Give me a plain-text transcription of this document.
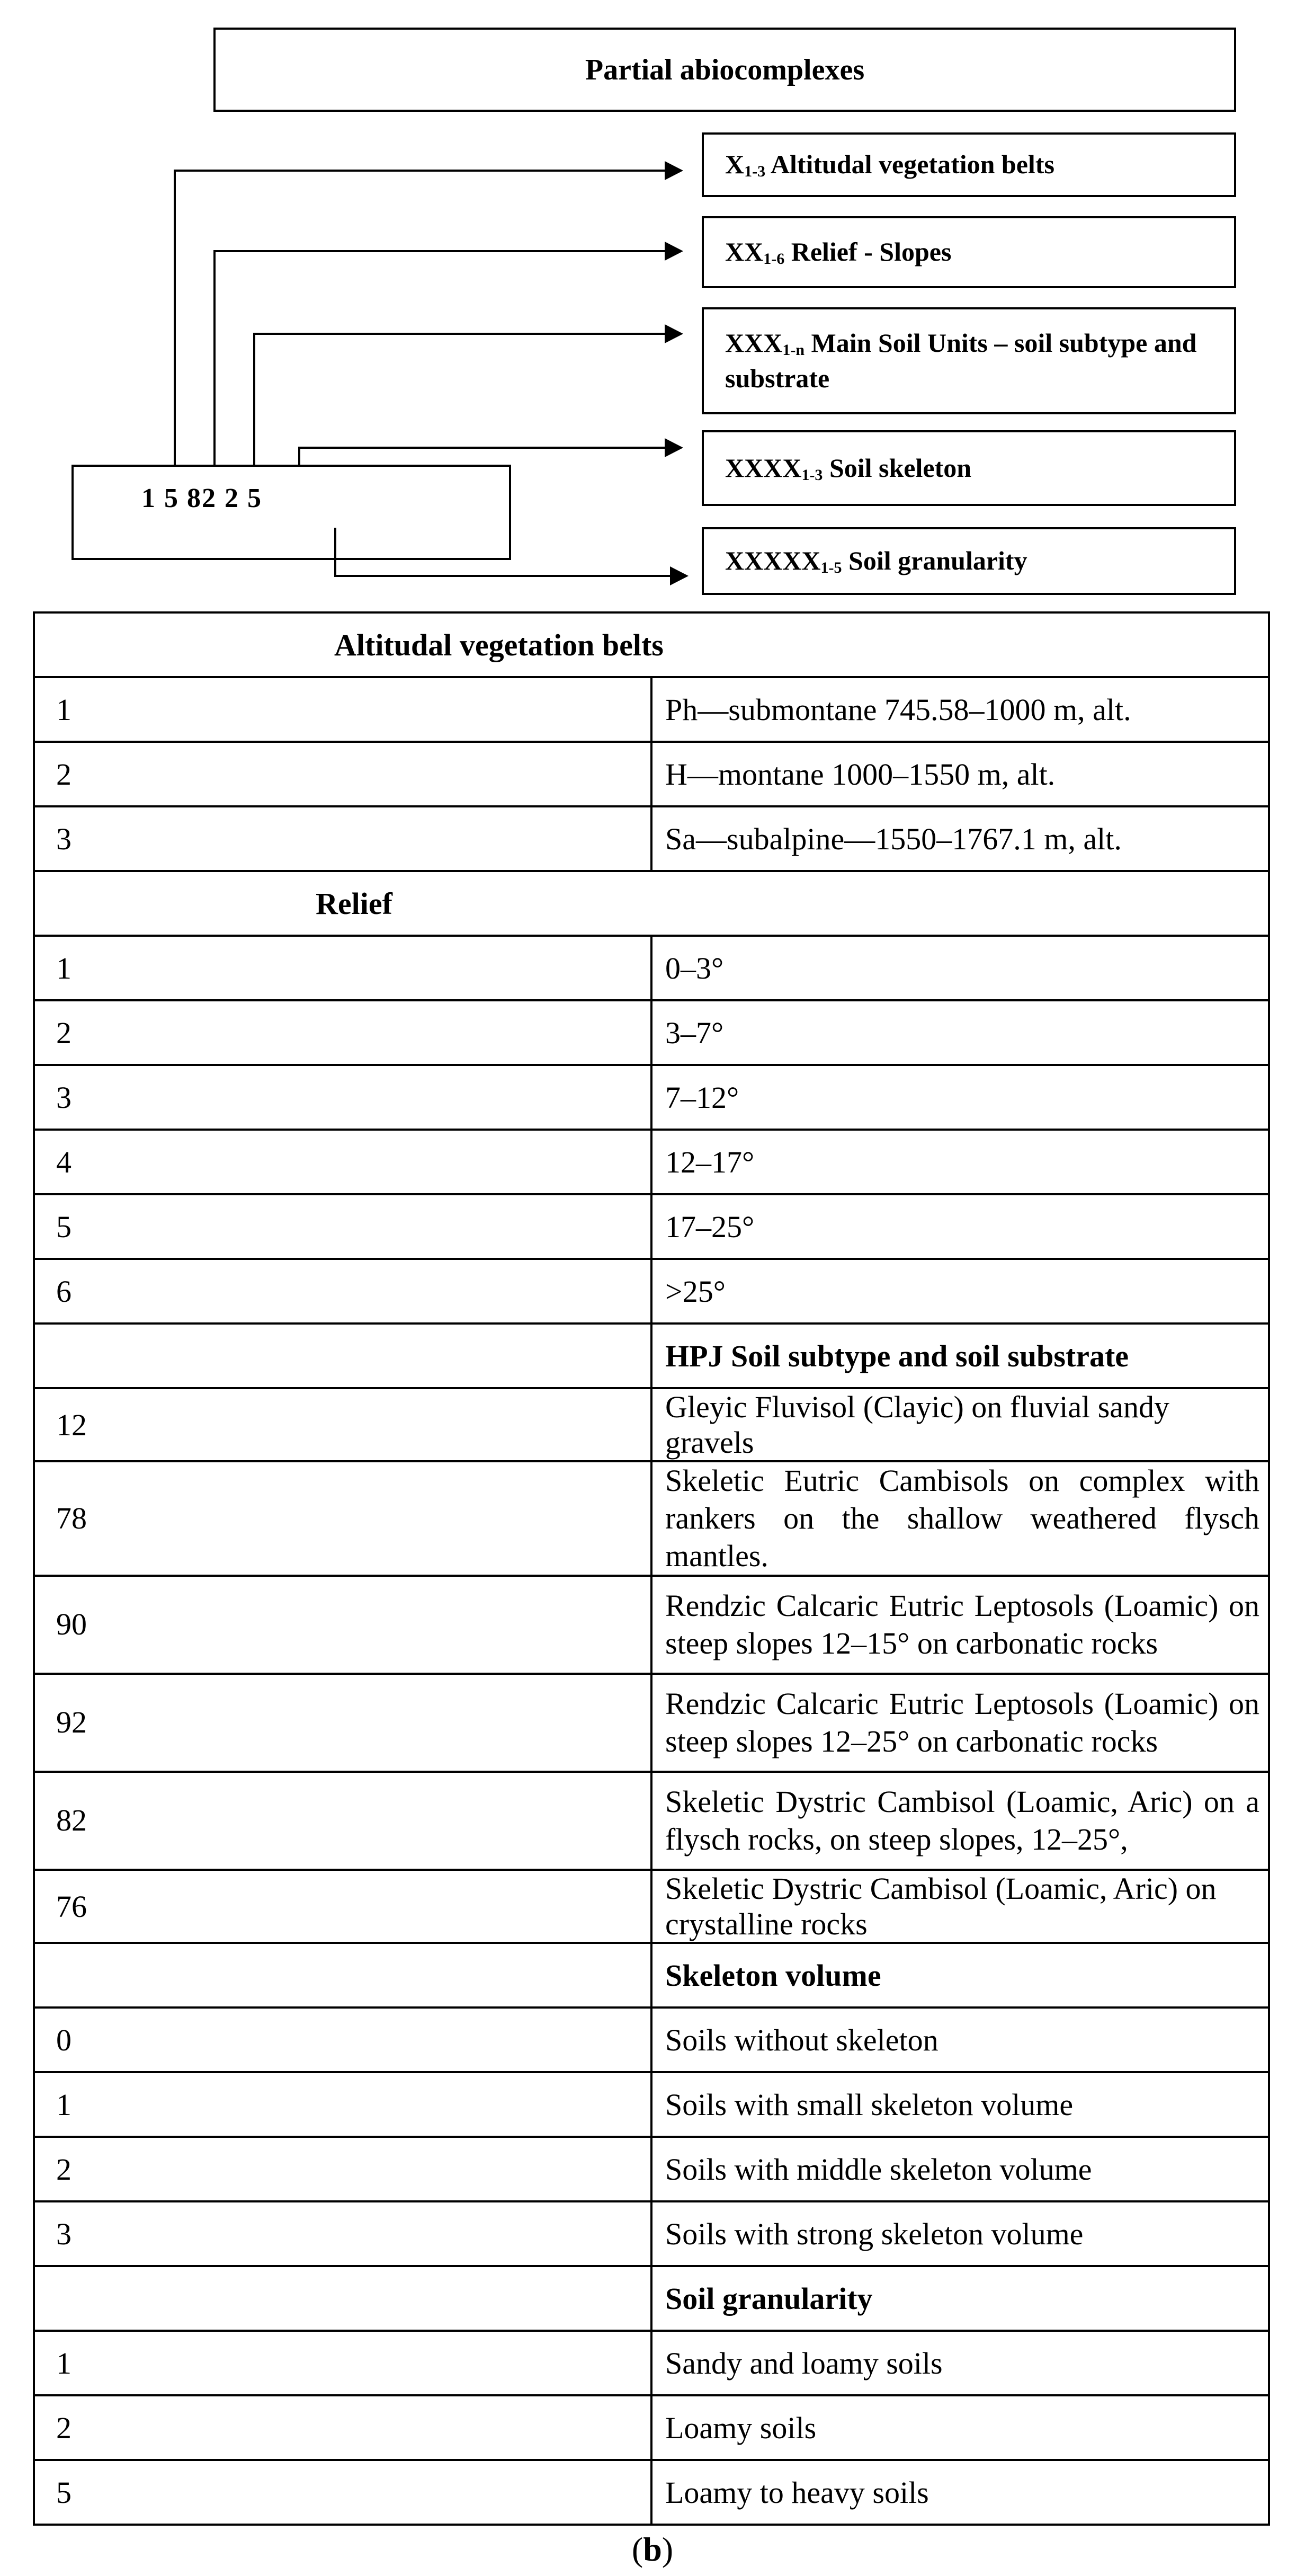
Partial abiocomplexes
$X_{1-3}$ Altitudal vegetation belts
$XX_{1-6}$ Relief - Slopes
$XXX_{1-n}$ Main Soil Units – soil subtype and substrate
$XXXX_{1-3}$ Soil skeleton
$XXXXX_{1-5}$ Soil granularity
1 5 82 2 5
Altitudal vegetation belts	
1	Ph—submontane 745.58–1000 m, alt.
2	H—montane 1000–1550 m, alt.
3	Sa—subalpine—1550–1767.1 m, alt.
Relief	
1	0–3°
2	3–7°
3	7–12°
4	12–17°
5	17–25°
6	>25°
	HPJ Soil subtype and soil substrate
12	Gleyic Fluvisol (Clayic) on fluvial sandy gravels
78	Skeletic Eutric Cambisols on complex with rankers on the shallow weathered flysch mantles.
90	Rendzic Calcaric Eutric Leptosols (Loamic) on steep slopes 12–15° on carbonatic rocks
92	Rendzic Calcaric Eutric Leptosols (Loamic) on steep slopes 12–25° on carbonatic rocks
82	Skeletic Dystric Cambisol (Loamic, Aric) on a flysch rocks, on steep slopes, 12–25°,
76	Skeletic Dystric Cambisol (Loamic, Aric) on crystalline rocks
	Skeleton volume
0	Soils without skeleton
1	Soils with small skeleton volume
2	Soils with middle skeleton volume
3	Soils with strong skeleton volume
	Soil granularity
1	Sandy and loamy soils
2	Loamy soils
5	Loamy to heavy soils
(b)
